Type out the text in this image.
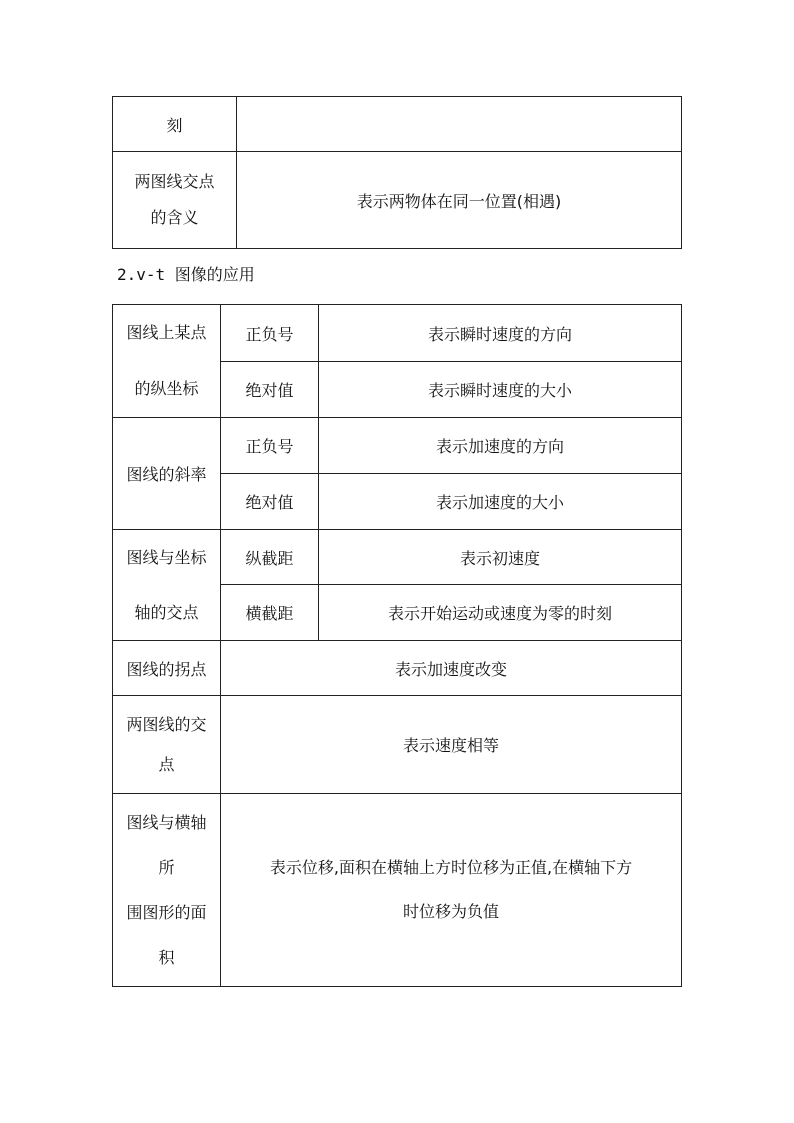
刻	

两图线交点
的含义	表示两物体在同一位置(相遇)
2.v-t 图像的应用
图线上某点
的纵坐标	正负号	表示瞬时速度的方向
	绝对值	表示瞬时速度的大小
图线的斜率	正负号	表示加速度的方向
	绝对值	表示加速度的大小

图线与坐标
轴的交点	纵截距	表示初速度
	横截距	表示开始运动或速度为零的时刻
图线的拐点	表示加速度改变	

两图线的交
点	表示速度相等	

图线与横轴
所
围图形的面
积	表示位移,面积在横轴上方时位移为正值,在横轴下方
时位移为负值	
